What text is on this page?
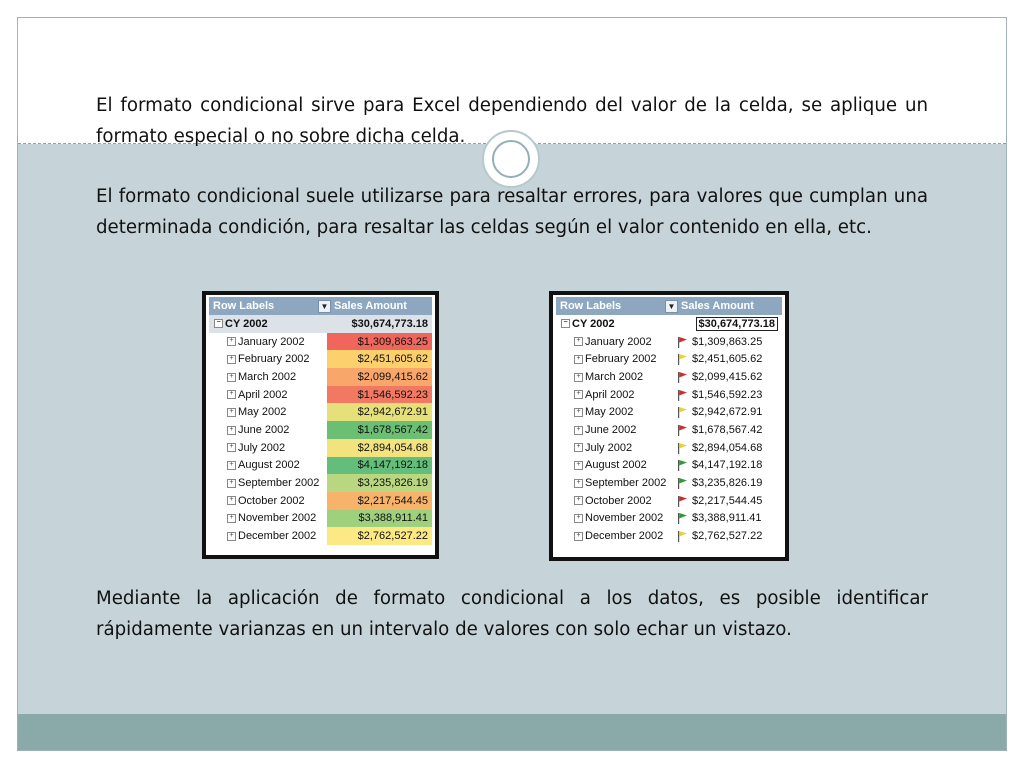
El formato condicional sirve para Excel dependiendo del valor de la celda, se aplique un formato especial o no sobre dicha celda.

El formato condicional suele utilizarse para resaltar errores, para valores que cumplan una determinada condición, para resaltar las celdas según el valor contenido en ella, etc.

Row Labels	▼ Sales Amount
− CY 2002	$30,674,773.18
+ January 2002	$1,309,863.25
+ February 2002	$2,451,605.62
+ March 2002	$2,099,415.62
+ April 2002	$1,546,592.23
+ May 2002	$2,942,672.91
+ June 2002	$1,678,567.42
+ July 2002	$2,894,054.68
+ August 2002	$4,147,192.18
+ September 2002	$3,235,826.19
+ October 2002	$2,217,544.45
+ November 2002	$3,388,911.41
+ December 2002	$2,762,527.22
Row Labels	▼ Sales Amount
− CY 2002	$30,674,773.18
+ January 2002	$1,309,863.25
+ February 2002	$2,451,605.62
+ March 2002	$2,099,415.62
+ April 2002	$1,546,592.23
+ May 2002	$2,942,672.91
+ June 2002	$1,678,567.42
+ July 2002	$2,894,054.68
+ August 2002	$4,147,192.18
+ September 2002	$3,235,826.19
+ October 2002	$2,217,544.45
+ November 2002	$3,388,911.41
+ December 2002	$2,762,527.22

Mediante la aplicación de formato condicional a los datos, es posible identificar rápidamente varianzas en un intervalo de valores con solo echar un vistazo.
